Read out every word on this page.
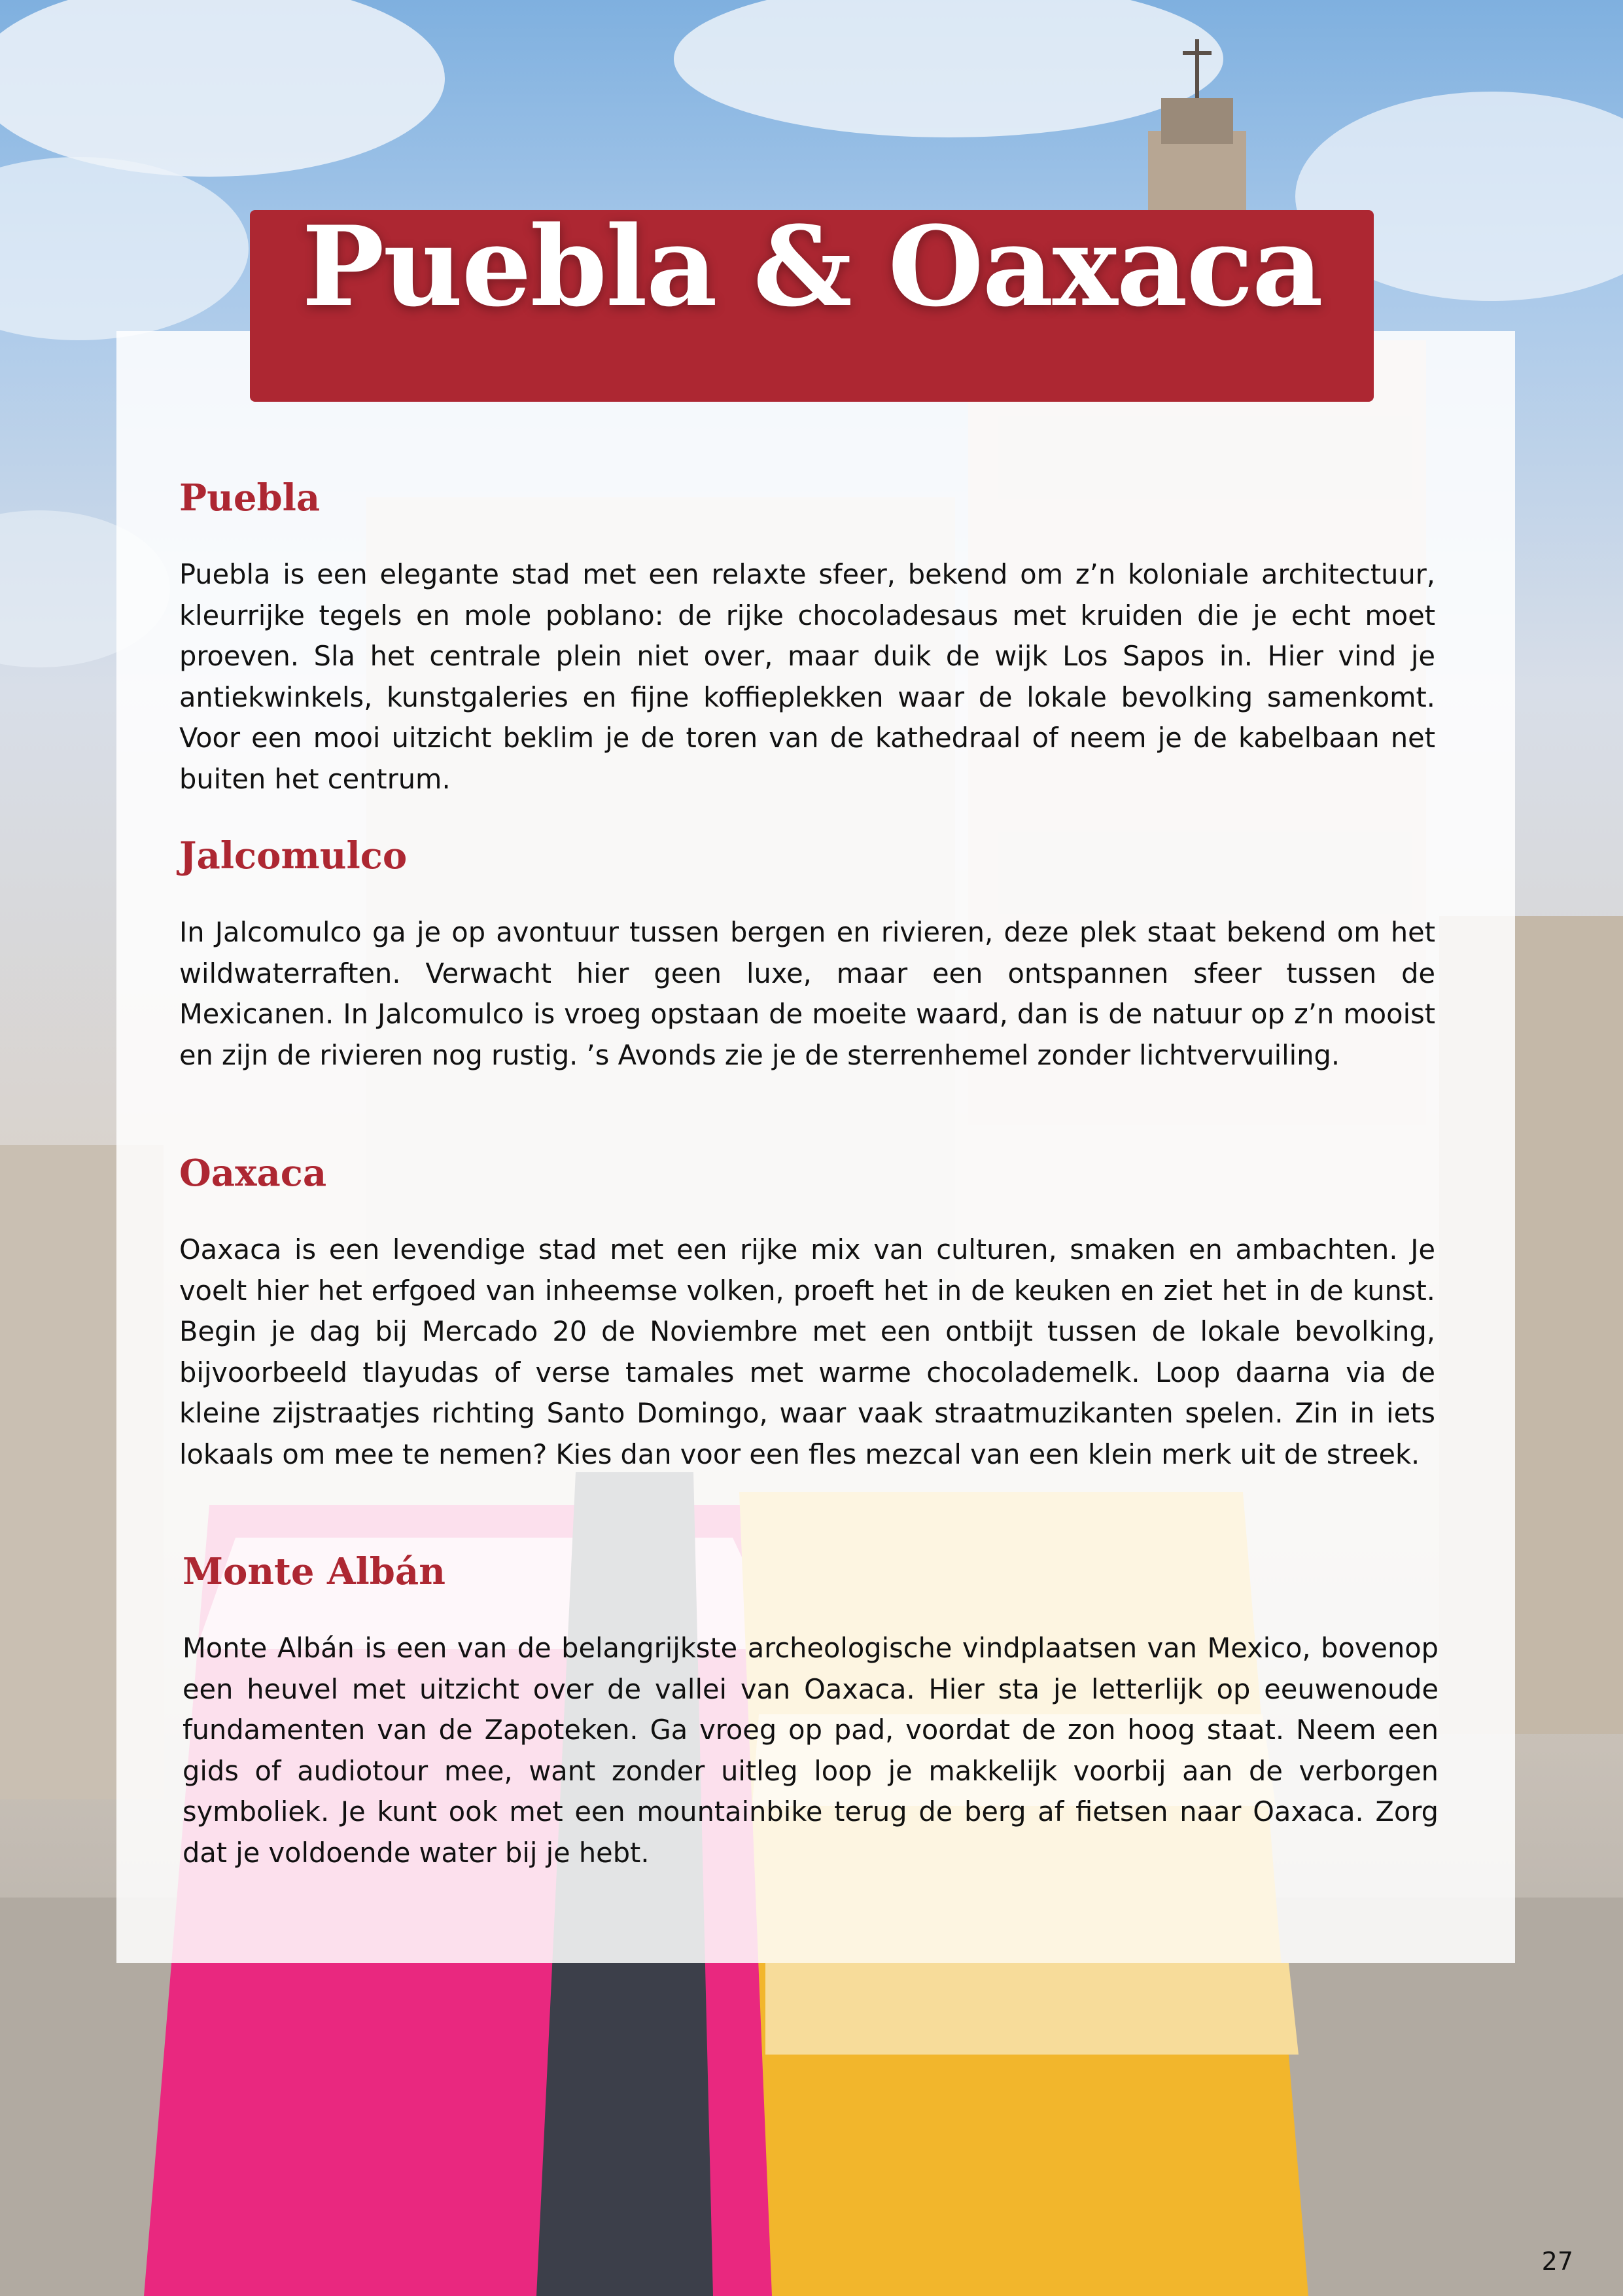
Puebla & Oaxaca
Puebla

Puebla is een elegante stad met een relaxte sfeer, bekend om z’n koloniale architectuur, kleurrijke tegels en mole poblano: de rijke chocoladesaus met kruiden die je echt moet proeven. Sla het centrale plein niet over, maar duik de wijk Los Sapos in. Hier vind je antiekwinkels, kunstgaleries en fijne koffieplekken waar de lokale bevolking samenkomt. Voor een mooi uitzicht beklim je de toren van de kathedraal of neem je de kabelbaan net buiten het centrum.

Jalcomulco

In Jalcomulco ga je op avontuur tussen bergen en rivieren, deze plek staat bekend om het wildwaterraften. Verwacht hier geen luxe, maar een ontspannen sfeer tussen de Mexicanen. In Jalcomulco is vroeg opstaan de moeite waard, dan is de natuur op z’n mooist en zijn de rivieren nog rustig. ’s Avonds zie je de sterrenhemel zonder lichtvervuiling.

Oaxaca

Oaxaca is een levendige stad met een rijke mix van culturen, smaken en ambachten. Je voelt hier het erfgoed van inheemse volken, proeft het in de keuken en ziet het in de kunst. Begin je dag bij Mercado 20 de Noviembre met een ontbijt tussen de lokale bevolking, bijvoorbeeld tlayudas of verse tamales met warme chocolademelk. Loop daarna via de kleine zijstraatjes richting Santo Domingo, waar vaak straatmuzikanten spelen. Zin in iets lokaals om mee te nemen? Kies dan voor een fles mezcal van een klein merk uit de streek.

Monte Albán

Monte Albán is een van de belangrijkste archeologische vindplaatsen van Mexico, bovenop een heuvel met uitzicht over de vallei van Oaxaca. Hier sta je letterlijk op eeuwenoude fundamenten van de Zapoteken. Ga vroeg op pad, voordat de zon hoog staat. Neem een gids of audiotour mee, want zonder uitleg loop je makkelijk voorbij aan de verborgen symboliek. Je kunt ook met een mountainbike terug de berg af fietsen naar Oaxaca. Zorg dat je voldoende water bij je hebt.

27
